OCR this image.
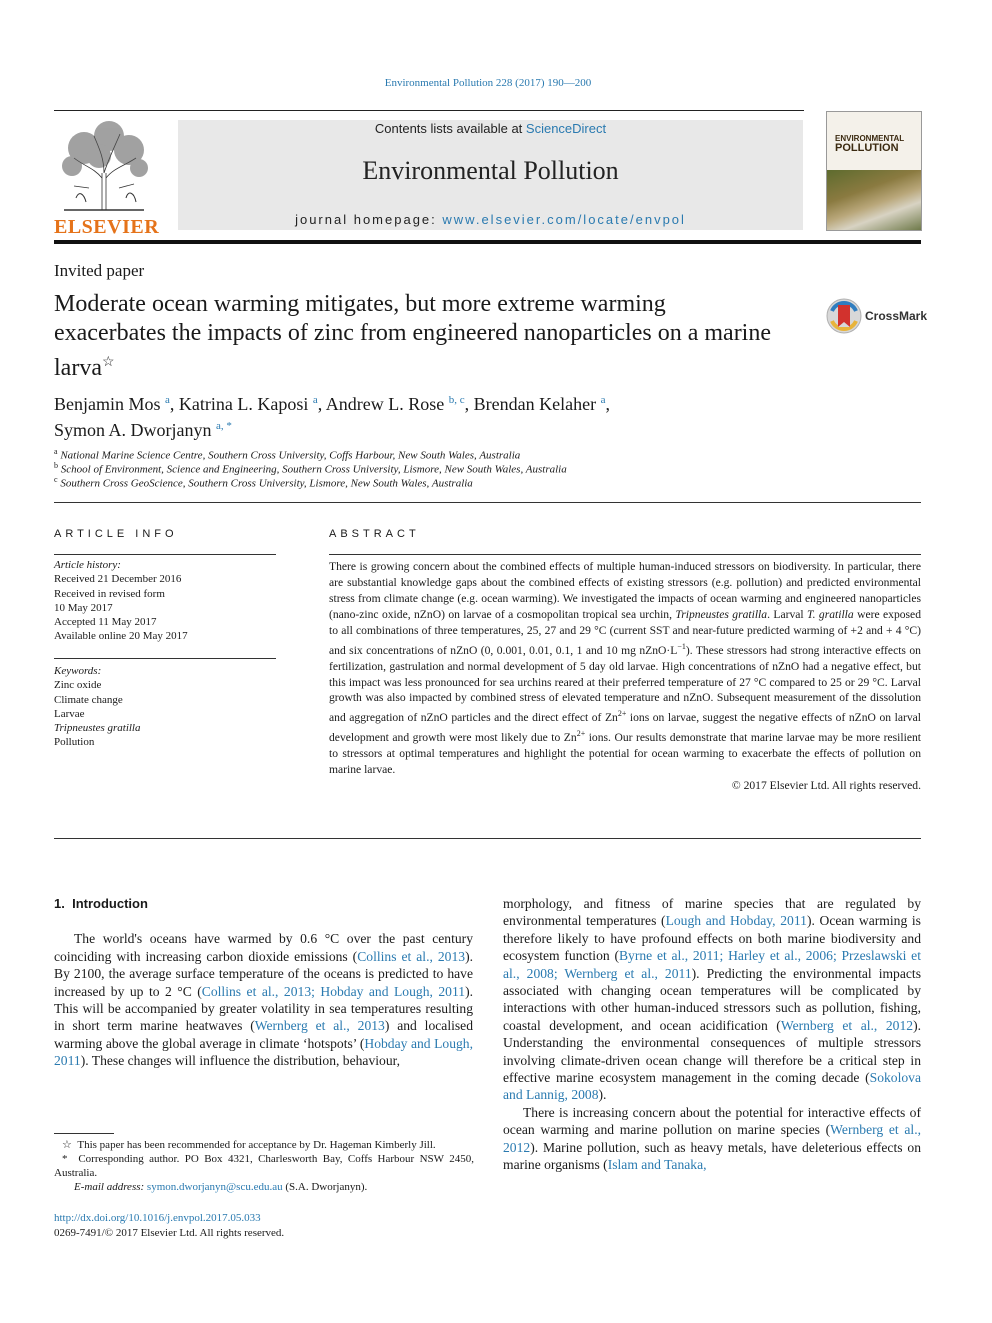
Environmental Pollution 228 (2017) 190—200
ELSEVIER
Contents lists available at ScienceDirect
Environmental Pollution
journal homepage: www.elsevier.com/locate/envpol
ENVIRONMENTAL
POLLUTION
Invited paper
Moderate ocean warming mitigates, but more extreme warming exacerbates the impacts of zinc from engineered nanoparticles on a marine larva☆
CrossMark
Benjamin Mos $^a$, Katrina L. Kaposi $^a$, Andrew L. Rose $^{b, c}$, Brendan Kelaher $^a$,
Symon A. Dworjanyn $^{a, *}$
$^a$ National Marine Science Centre, Southern Cross University, Coffs Harbour, New South Wales, Australia
$^b$ School of Environment, Science and Engineering, Southern Cross University, Lismore, New South Wales, Australia
$^c$ Southern Cross GeoScience, Southern Cross University, Lismore, New South Wales, Australia
ARTICLE INFO
Article history:
Received 21 December 2016
Received in revised form
10 May 2017
Accepted 11 May 2017
Available online 20 May 2017
Keywords:
Zinc oxide
Climate change
Larvae
Tripneustes gratilla
Pollution
ABSTRACT
There is growing concern about the combined effects of multiple human-induced stressors on biodiversity. In particular, there are substantial knowledge gaps about the combined effects of existing stressors (e.g. pollution) and predicted environmental stress from climate change (e.g. ocean warming). We investigated the impacts of ocean warming and engineered nanoparticles (nano-zinc oxide, nZnO) on larvae of a cosmopolitan tropical sea urchin, Tripneustes gratilla. Larval T. gratilla were exposed to all combinations of three temperatures, 25, 27 and 29 °C (current SST and near-future predicted warming of +2 and + 4 °C) and six concentrations of nZnO (0, 0.001, 0.01, 0.1, 1 and 10 mg $nZnO\cdot L^{-1}$). These stressors had strong interactive effects on fertilization, gastrulation and normal development of 5 day old larvae. High concentrations of nZnO had a negative effect, but this impact was less pronounced for sea urchins reared at their preferred temperature of 27 °C compared to 25 or 29 °C. Larval growth was also impacted by combined stress of elevated temperature and nZnO. Subsequent measurement of the dissolution and aggregation of nZnO particles and the direct effect of $Zn^{2+}$ ions on larvae, suggest the negative effects of nZnO on larval development and growth were most likely due to $Zn^{2+}$ ions. Our results demonstrate that marine larvae may be more resilient to stressors at optimal temperatures and highlight the potential for ocean warming to exacerbate the effects of pollution on marine larvae.
© 2017 Elsevier Ltd. All rights reserved.
1. Introduction
The world's oceans have warmed by 0.6 °C over the past century coinciding with increasing carbon dioxide emissions (Collins et al., 2013). By 2100, the average surface temperature of the oceans is predicted to have increased by up to 2 °C (Collins et al., 2013; Hobday and Lough, 2011). This will be accompanied by greater volatility in sea temperatures resulting in short term marine heatwaves (Wernberg et al., 2013) and localised warming above the global average in climate ‘hotspots’ (Hobday and Lough, 2011). These changes will influence the distribution, behaviour,
morphology, and fitness of marine species that are regulated by environmental temperatures (Lough and Hobday, 2011). Ocean warming is therefore likely to have profound effects on both marine biodiversity and ecosystem function (Byrne et al., 2011; Harley et al., 2006; Przeslawski et al., 2008; Wernberg et al., 2011). Predicting the environmental impacts associated with changing ocean temperatures will be complicated by interactions with other human-induced stressors such as pollution, fishing, coastal development, and ocean acidification (Wernberg et al., 2012). Understanding the environmental consequences of multiple stressors involving climate-driven ocean change will therefore be a critical step in effective marine ecosystem management in the coming decade (Sokolova and Lannig, 2008).
There is increasing concern about the potential for interactive effects of ocean warming and marine pollution on marine species (Wernberg et al., 2012). Marine pollution, such as heavy metals, have deleterious effects on marine organisms (Islam and Tanaka,
☆ This paper has been recommended for acceptance by Dr. Hageman Kimberly Jill.
* Corresponding author. PO Box 4321, Charlesworth Bay, Coffs Harbour NSW 2450, Australia.
E-mail address: symon.dworjanyn@scu.edu.au (S.A. Dworjanyn).
http://dx.doi.org/10.1016/j.envpol.2017.05.033
0269-7491/© 2017 Elsevier Ltd. All rights reserved.
